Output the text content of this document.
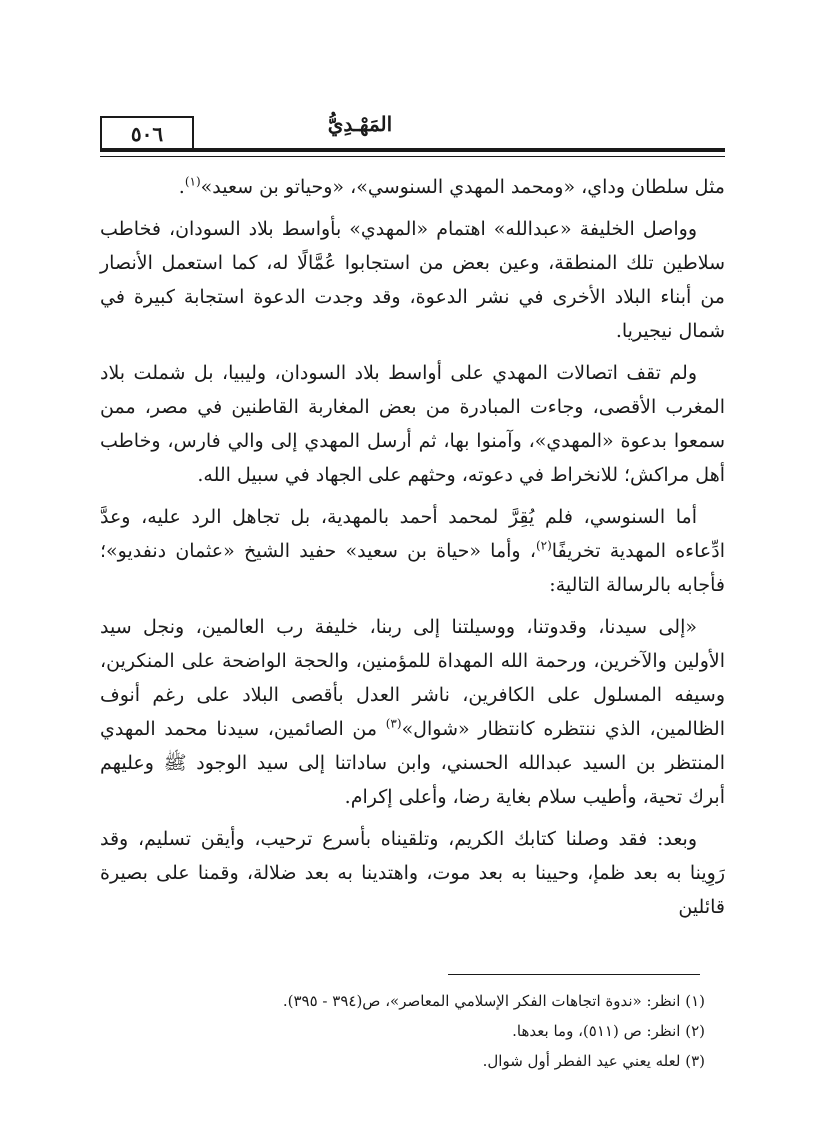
٥٠٦	المَهْـدِيُّ

مثل سلطان وداي، «ومحمد المهدي السنوسي»، «وحياتو بن سعيد»$^{(١)}$.

وواصل الخليفة «عبدالله» اهتمام «المهدي» بأواسط بلاد السودان، فخاطب سلاطين تلك المنطقة، وعين بعض من استجابوا عُمَّالًا له، كما استعمل الأنصار من أبناء البلاد الأخرى في نشر الدعوة، وقد وجدت الدعوة استجابة كبيرة في شمال نيجيريا.

ولم تقف اتصالات المهدي على أواسط بلاد السودان، وليبيا، بل شملت بلاد المغرب الأقصى، وجاءت المبادرة من بعض المغاربة القاطنين في مصر، ممن سمعوا بدعوة «المهدي»، وآمنوا بها، ثم أرسل المهدي إلى والي فارس، وخاطب أهل مراكش؛ للانخراط في دعوته، وحثهم على الجهاد في سبيل الله.

أما السنوسي، فلم يُقِرَّ لمحمد أحمد بالمهدية، بل تجاهل الرد عليه، وعدَّ ادِّعاءه المهدية تخريفًا$^{(٢)}$، وأما «حياة بن سعيد» حفيد الشيخ «عثمان دنفديو»؛ فأجابه بالرسالة التالية:

«إلى سيدنا، وقدوتنا، ووسيلتنا إلى ربنا، خليفة رب العالمين، ونجل سيد الأولين والآخرين، ورحمة الله المهداة للمؤمنين، والحجة الواضحة على المنكرين، وسيفه المسلول على الكافرين، ناشر العدل بأقصى البلاد على رغم أنوف الظالمين، الذي ننتظره كانتظار «شوال»$^{(٣)}$ من الصائمين، سيدنا محمد المهدي المنتظر بن السيد عبدالله الحسني، وابن ساداتنا إلى سيد الوجود ﷺ وعليهم أبرك تحية، وأطيب سلام بغاية رضا، وأعلى إكرام.

وبعد: فقد وصلنا كتابك الكريم، وتلقيناه بأسرع ترحيب، وأيقن تسليم، وقد رَوِينا به بعد ظمإ، وحيينا به بعد موت، واهتدينا به بعد ضلالة، وقمنا على بصيرة قائلين

(١) انظر: «ندوة اتجاهات الفكر الإسلامي المعاصر»، ص(٣٩٤ - ٣٩٥).
(٢) انظر: ص (٥١١)، وما بعدها.
(٣) لعله يعني عيد الفطر أول شوال.
